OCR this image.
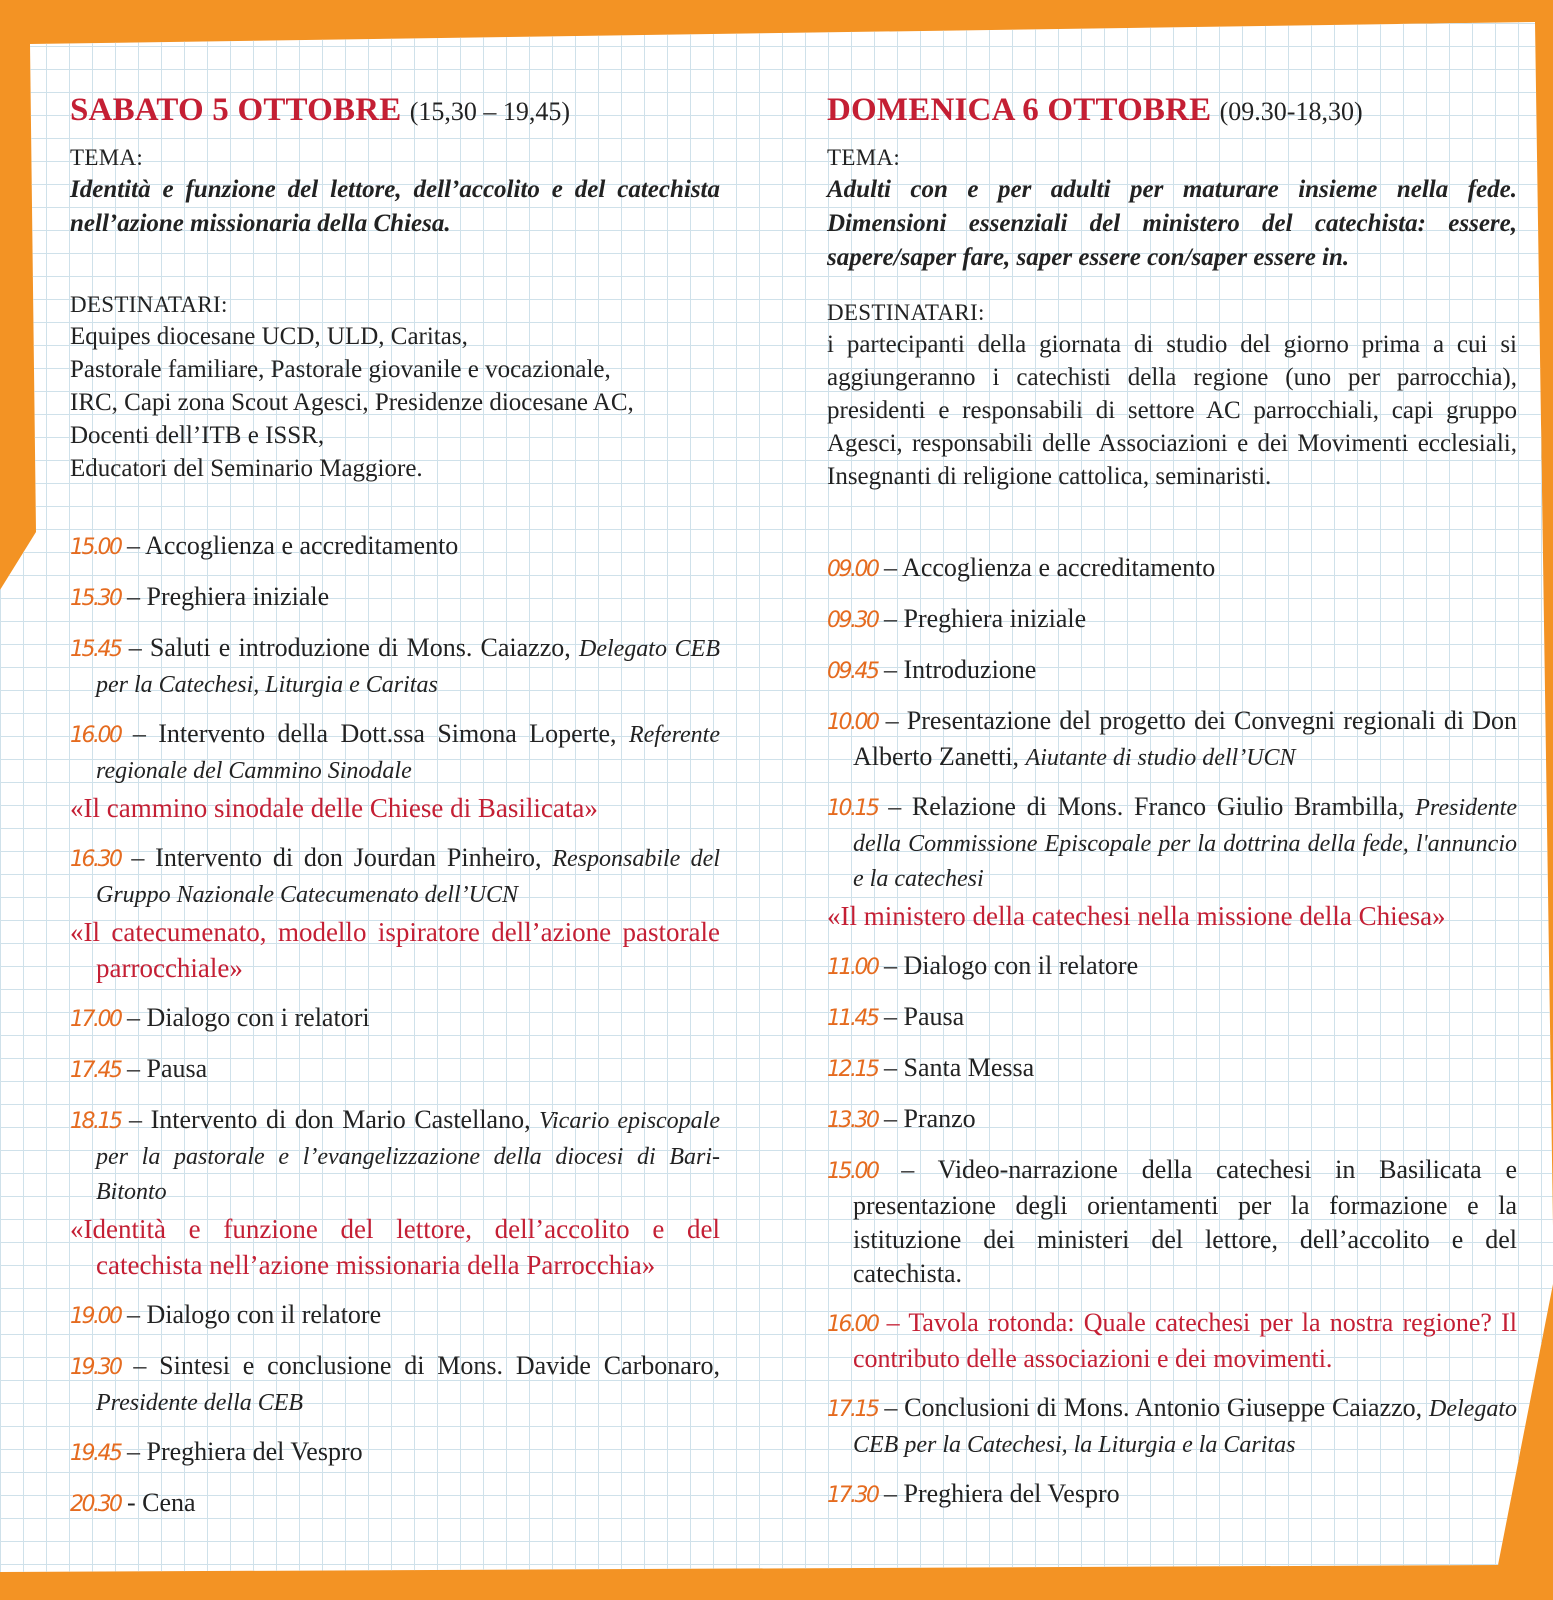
SABATO 5 OTTOBRE (15,30 – 19,45)
TEMA:
Identità e funzione del lettore, dell’accolito e del catechista nell’azione missionaria della Chiesa.
DESTINATARI:
Equipes diocesane UCD, ULD, Caritas,
Pastorale familiare, Pastorale giovanile e vocazionale,
IRC, Capi zona Scout Agesci, Presidenze diocesane AC,
Docenti dell’ITB e ISSR,
Educatori del Seminario Maggiore.
15.00 – Accoglienza e accreditamento
15.30 – Preghiera iniziale
15.45 – Saluti e introduzione di Mons. Caiazzo, Delegato CEB per la Catechesi, Liturgia e Caritas
16.00 – Intervento della Dott.ssa Simona Loperte, Referente regionale del Cammino Sinodale
«Il cammino sinodale delle Chiese di Basilicata»
16.30 – Intervento di don Jourdan Pinheiro, Responsabile del Gruppo Nazionale Catecumenato dell’UCN
«Il catecumenato, modello ispiratore dell’azione pastorale parrocchiale»
17.00 – Dialogo con i relatori
17.45 – Pausa
18.15 – Intervento di don Mario Castellano, Vicario episcopale per la pastorale e l’evangelizzazione della diocesi di Bari-Bitonto
«Identità e funzione del lettore, dell’accolito e del catechista nell’azione missionaria della Parrocchia»
19.00 – Dialogo con il relatore
19.30 – Sintesi e conclusione di Mons. Davide Carbonaro, Presidente della CEB
19.45 – Preghiera del Vespro
20.30 - Cena
DOMENICA 6 OTTOBRE (09.30-18,30)
TEMA:
Adulti con e per adulti per maturare insieme nella fede. Dimensioni essenziali del ministero del catechista: essere, sapere/saper fare, saper essere con/saper essere in.
DESTINATARI:
i partecipanti della giornata di studio del giorno prima a cui si aggiungeranno i catechisti della regione (uno per parrocchia), presidenti e responsabili di settore AC parrocchiali, capi gruppo Agesci, responsabili delle Associazioni e dei Movimenti ecclesiali, Insegnanti di religione cattolica, seminaristi.
09.00 – Accoglienza e accreditamento
09.30 – Preghiera iniziale
09.45 – Introduzione
10.00 – Presentazione del progetto dei Convegni regionali di Don Alberto Zanetti, Aiutante di studio dell’UCN
10.15 – Relazione di Mons. Franco Giulio Brambilla, Presidente della Commissione Episcopale per la dottrina della fede, l'annuncio e la catechesi
«Il ministero della catechesi nella missione della Chiesa»
11.00 – Dialogo con il relatore
11.45 – Pausa
12.15 – Santa Messa
13.30 – Pranzo
15.00 – Video-narrazione della catechesi in Basilicata e presentazione degli orientamenti per la formazione e la istituzione dei ministeri del lettore, dell’accolito e del catechista.
16.00 – Tavola rotonda: Quale catechesi per la nostra regione? Il contributo delle associazioni e dei movimenti.
17.15 – Conclusioni di Mons. Antonio Giuseppe Caiazzo, Delegato CEB per la Catechesi, la Liturgia e la Caritas
17.30 – Preghiera del Vespro
